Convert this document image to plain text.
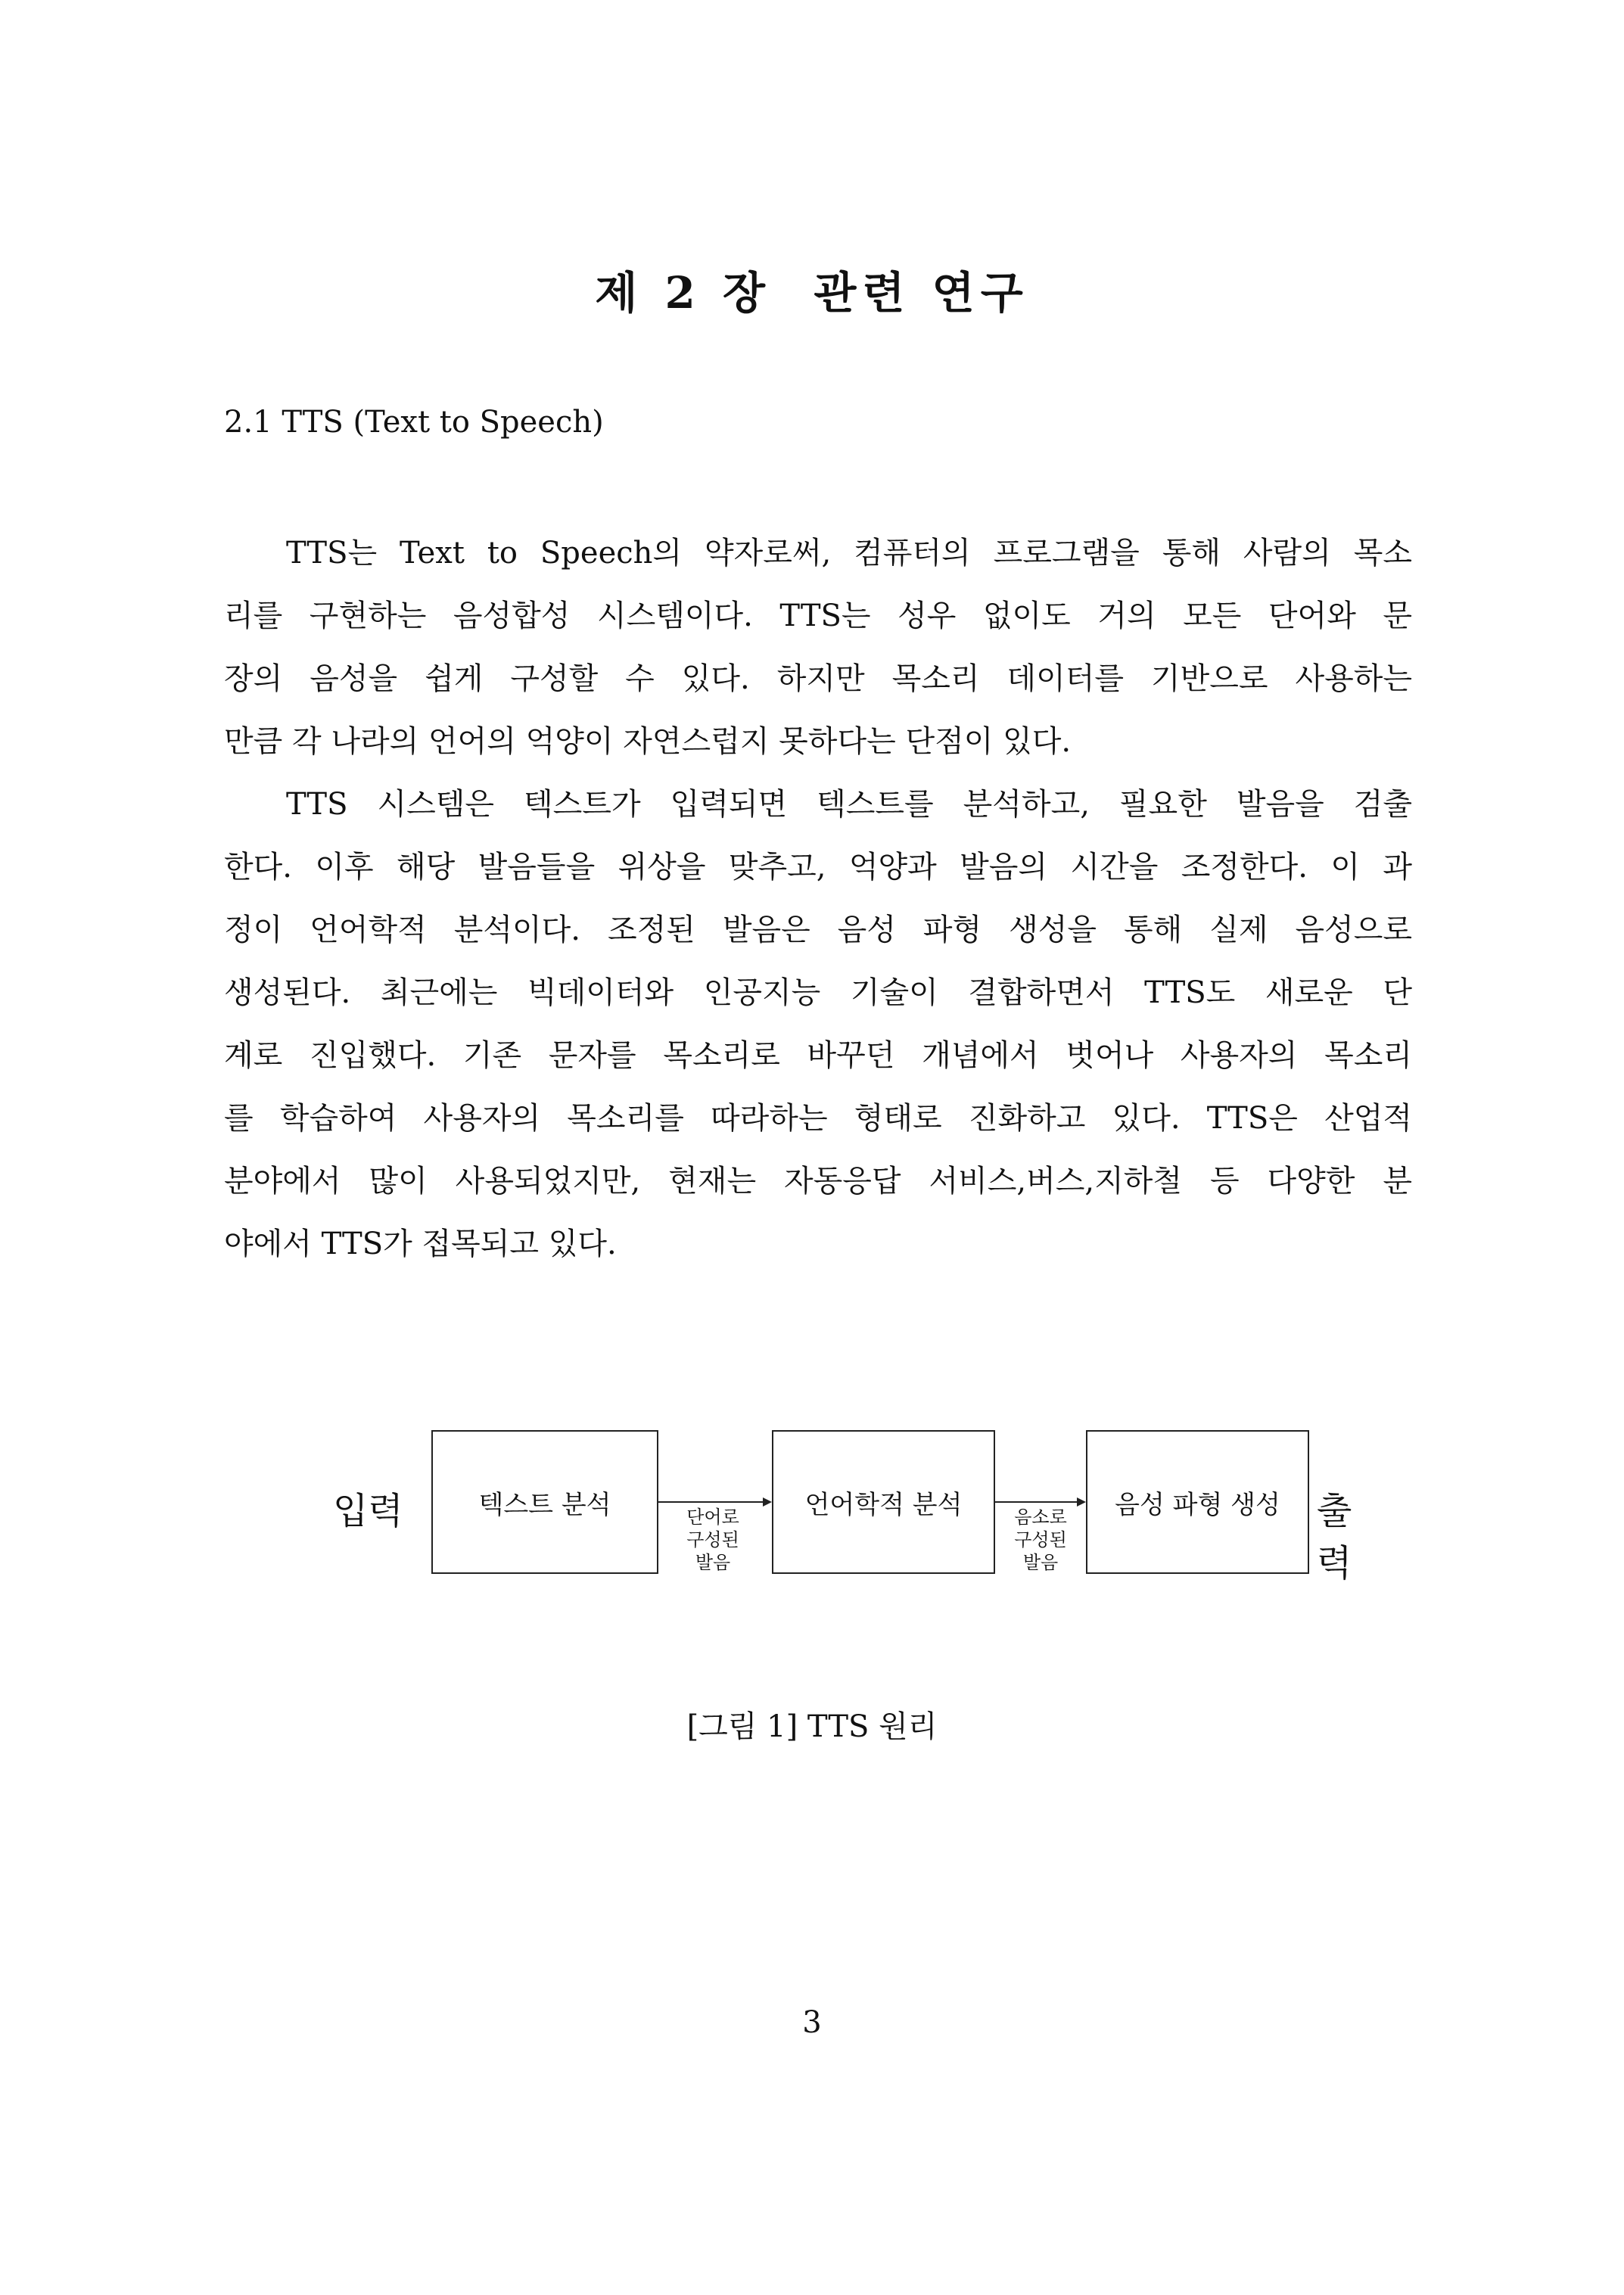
제 2 장  관련 연구
2.1 TTS (Text to Speech)
TTS는 Text to Speech의 약자로써, 컴퓨터의 프로그램을 통해 사람의 목소
리를 구현하는 음성합성 시스템이다. TTS는 성우 없이도 거의 모든 단어와 문
장의 음성을 쉽게 구성할 수 있다. 하지만 목소리 데이터를 기반으로 사용하는
만큼 각 나라의 언어의 억양이 자연스럽지 못하다는 단점이 있다.
TTS 시스템은 텍스트가 입력되면 텍스트를 분석하고, 필요한 발음을 검출
한다. 이후 해당 발음들을 위상을 맞추고, 억양과 발음의 시간을 조정한다. 이 과
정이 언어학적 분석이다. 조정된 발음은 음성 파형 생성을 통해 실제 음성으로
생성된다. 최근에는 빅데이터와 인공지능 기술이 결합하면서 TTS도 새로운 단
계로 진입했다. 기존 문자를 목소리로 바꾸던 개념에서 벗어나 사용자의 목소리
를 학습하여 사용자의 목소리를 따라하는 형태로 진화하고 있다. TTS은 산업적
분야에서 많이 사용되었지만, 현재는 자동응답 서비스,버스,지하철 등 다양한 분
야에서 TTS가 접목되고 있다.
입력	텍스트 분석	단어로
구성된
발음
언어학적 분석	음소로
구성된
발음
음성 파형 생성 출력
[그림 1] TTS 원리
3
